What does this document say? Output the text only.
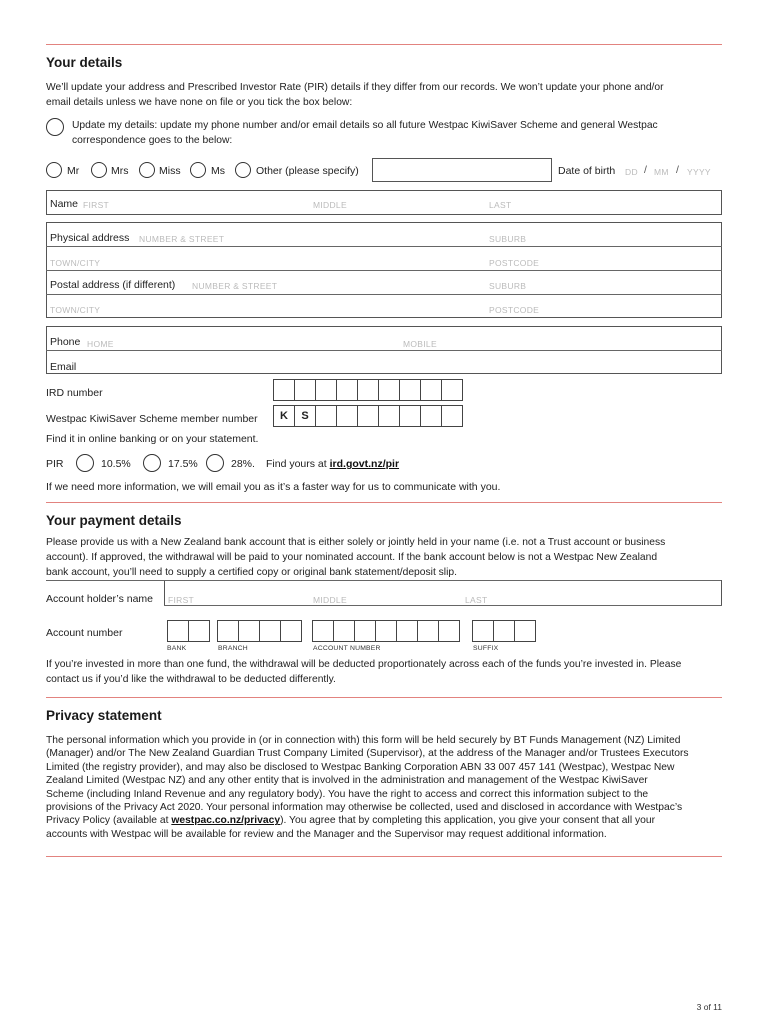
Your details
We’ll update your address and Prescribed Investor Rate (PIR) details if they differ from our records. We won’t update your phone and/or
email details unless we have none on file or you tick the box below:
Update my details: update my phone number and/or email details so all future Westpac KiwiSaver Scheme and general Westpac
correspondence goes to the below:
Mr	Mrs	Miss	Ms	Other (please specify)	Date of birth DD / MM / YYYY
Name FIRST	MIDDLE	LAST
Physical address NUMBER & STREET	SUBURB
TOWN/CITY	POSTCODE
Postal address (if different) NUMBER & STREET	SUBURB
TOWN/CITY	POSTCODE
Phone HOME	MOBILE
Email
IRD number
Westpac KiwiSaver Scheme member number	K	S
Find it in online banking or on your statement.
PIR	10.5%	17.5%	28%. Find yours at ird.govt.nz/pir
If we need more information, we will email you as it’s a faster way for us to communicate with you.
Your payment details
Please provide us with a New Zealand bank account that is either solely or jointly held in your name (i.e. not a Trust account or business
account). If approved, the withdrawal will be paid to your nominated account. If the bank account below is not a Westpac New Zealand
bank account, you’ll need to supply a certified copy or original bank statement/deposit slip.
Account holder’s name FIRST	MIDDLE	LAST
Account number
BANK	BRANCH	ACCOUNT NUMBER	SUFFIX
If you’re invested in more than one fund, the withdrawal will be deducted proportionately across each of the funds you’re invested in. Please
contact us if you’d like the withdrawal to be deducted differently.
Privacy statement
The personal information which you provide in (or in connection with) this form will be held securely by BT Funds Management (NZ) Limited
(Manager) and/or The New Zealand Guardian Trust Company Limited (Supervisor), at the address of the Manager and/or Trustees Executors
Limited (the registry provider), and may also be disclosed to Westpac Banking Corporation ABN 33 007 457 141 (Westpac), Westpac New
Zealand Limited (Westpac NZ) and any other entity that is involved in the administration and management of the Westpac KiwiSaver
Scheme (including Inland Revenue and any regulatory body). You have the right to access and correct this information subject to the
provisions of the Privacy Act 2020. Your personal information may otherwise be collected, used and disclosed in accordance with Westpac’s
Privacy Policy (available at westpac.co.nz/privacy). You agree that by completing this application, you give your consent that all your
accounts with Westpac will be available for review and the Manager and the Supervisor may request additional information.
3 of 11
